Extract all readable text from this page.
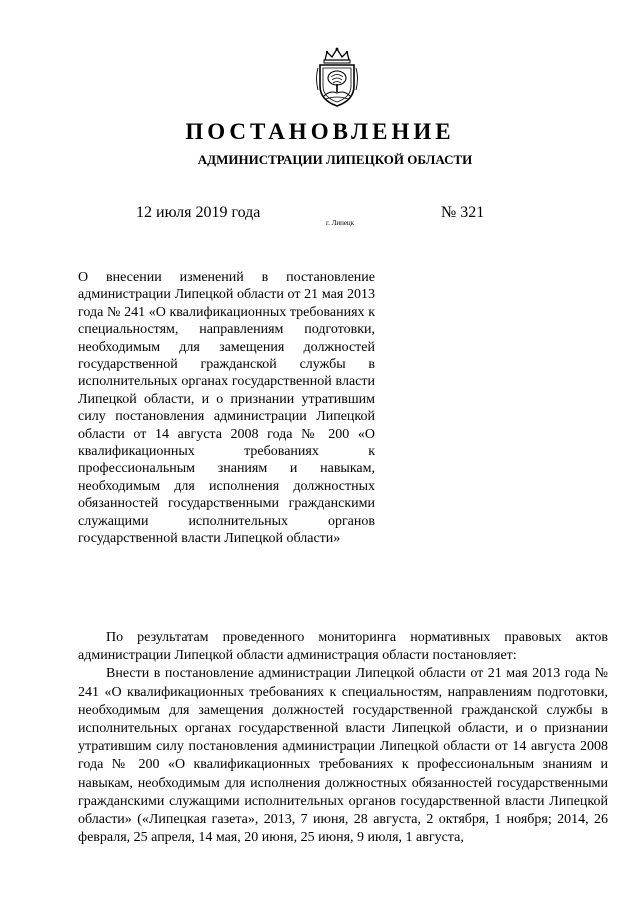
ПОСТАНОВЛЕНИЕ
АДМИНИСТРАЦИИ ЛИПЕЦКОЙ ОБЛАСТИ
12 июля 2019 года
г. Липецк
№ 321
О внесении изменений в постановление администрации Липецкой области от 21 мая 2013 года № 241 «О квалификационных требованиях к специальностям, направлениям подготовки, необходимым для замещения должностей государственной гражданской службы в исполнительных органах государственной власти Липецкой области, и о признании утратившим силу постановления администрации Липецкой области от 14 августа 2008 года № 200 «О квалификационных требованиях к профессиональным знаниям и навыкам, необходимым для исполнения должностных обязанностей государственными гражданскими служащими исполнительных органов государственной власти Липецкой области»

По результатам проведенного мониторинга нормативных правовых актов администрации Липецкой области администрация области постановляет:

Внести в постановление администрации Липецкой области от 21 мая 2013 года № 241 «О квалификационных требованиях к специальностям, направлениям подготовки, необходимым для замещения должностей государственной гражданской службы в исполнительных органах государственной власти Липецкой области, и о признании утратившим силу постановления администрации Липецкой области от 14 августа 2008 года № 200 «О квалификационных требованиях к профессиональным знаниям и навыкам, необходимым для исполнения должностных обязанностей государственными гражданскими служащими исполнительных органов государственной власти Липецкой области» («Липецкая газета», 2013, 7 июня, 28 августа, 2 октября, 1 ноября; 2014, 26 февраля, 25 апреля, 14 мая, 20 июня, 25 июня, 9 июля, 1 августа,
